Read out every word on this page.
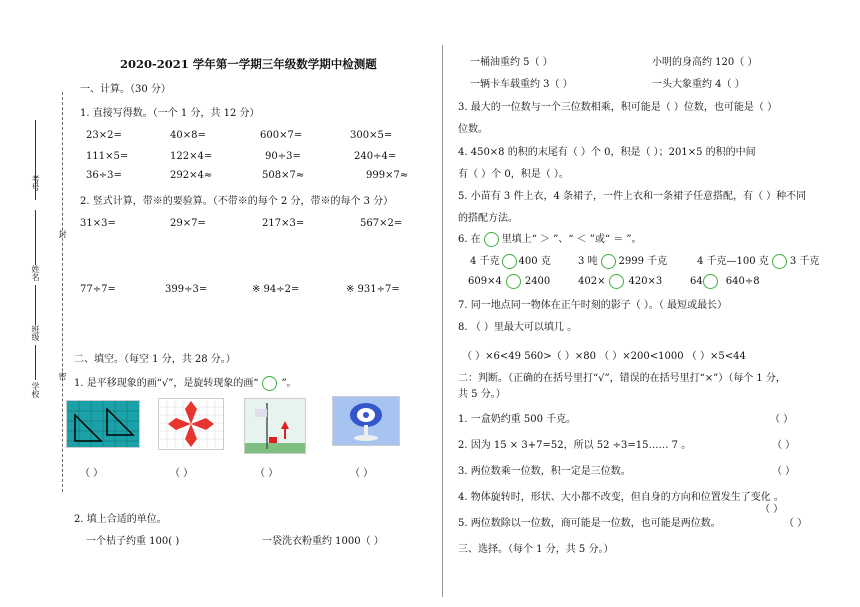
考号
姓名
班级
学校
封
密
2020-2021 学年第一学期三年级数学期中检测题
一、计算。（30 分）
1. 直接写得数。（一个 1 分，共 12 分）
23×2=	40×8=	600×7=	300×5=
111×5=	122×4=	90÷3=	240÷4=
36÷3=	292×4≈	508×7≈	999×7≈
2. 竖式计算，带※的要验算。（不带※的每个 2 分，带※的每个 3 分）
31×3=	29×7=	217×3=	567×2=
77÷7=	399÷3=	※ 94÷2=	※ 931÷7=
二、填空。（每空 1 分，共 28 分。）
1. 是平移现象的画“√”，是旋转现象的画“ ”。
（ ）	（ ）	（ ）	（ ）
2. 填上合适的单位。
一个桔子约重 100( )	一袋洗衣粉重约 1000（ ）
一桶油重约 5（ ）	小明的身高约 120（ ）
一辆卡车载重约 3（ ）	一头大象重约 4（ ）
3. 最大的一位数与一个三位数相乘，积可能是（ ）位数，也可能是（ ）
位数。
4. 450×8 的积的末尾有（ ）个 0，积是（ ）；201×5 的积的中间
有（ ）个 0，积是（ ）。
5. 小苗有 3 件上衣，4 条裙子，一件上衣和一条裙子任意搭配，有（ ）种不同
的搭配方法。
6. 在 里填上“ ＞ ”、“ ＜ ”或“ ＝ ”。
4 千克 400 克	3 吨 2999 千克	4 千克—100 克 3 千克
609×4 2400	402× 420×3	64 640÷8
7. 同一地点同一物体在正午时刻的影子（ ）。（ 最短或最长）
8. （ ）里最大可以填几 。
（ ）×6<49 560>（ ）×80 （ ）×200<1000 （ ）×5<44
二：判断。（正确的在括号里打“√”，错误的在括号里打“×”）（每个 1 分，
共 5 分。）
1. 一盒奶约重 500 千克。	（ ）
2. 因为 15 × 3+7=52，所以 52 ÷3=15…… 7 。	（ ）
3. 两位数乘一位数，积一定是三位数。	（ ）
4. 物体旋转时，形状、大小都不改变，但自身的方向和位置发生了变化 。
（ ）
5. 两位数除以一位数，商可能是一位数，也可能是两位数。	（ ）
三、选择。（每个 1 分，共 5 分。）
